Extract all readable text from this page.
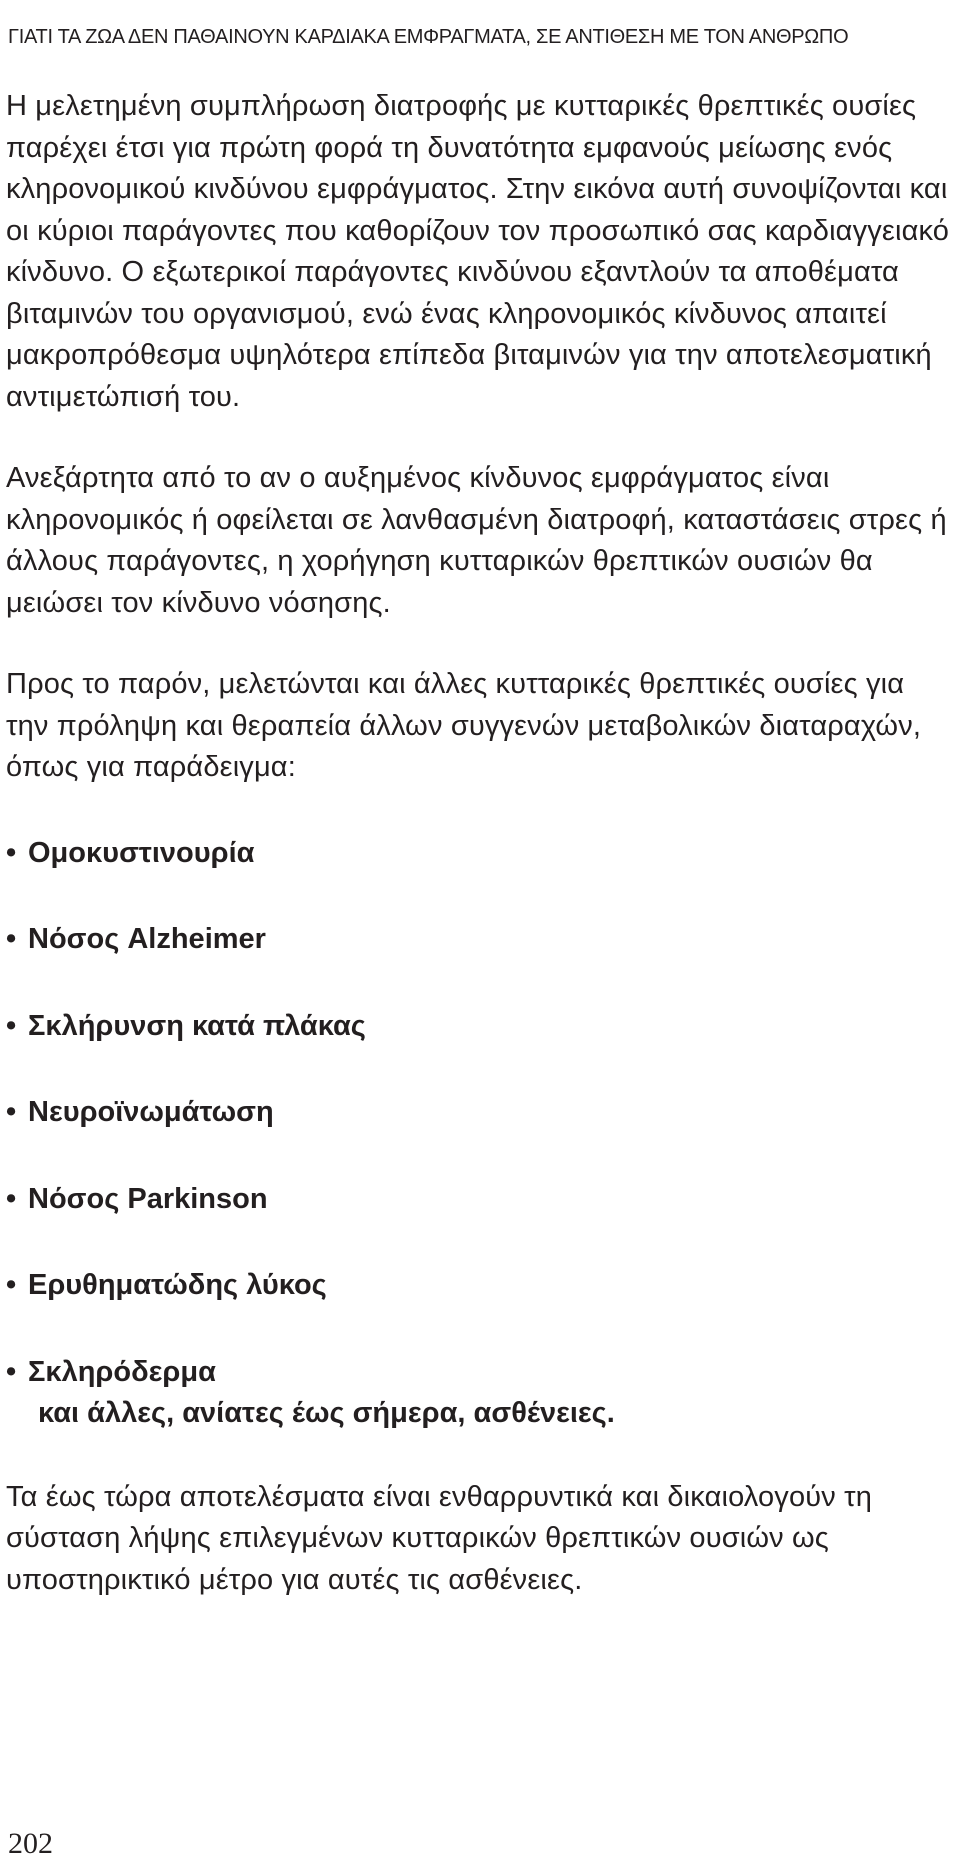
ΓΙΑΤΙ ΤΑ ΖΩΑ ΔΕΝ ΠΑΘΑΙΝΟΥΝ ΚΑΡΔΙΑΚΑ ΕΜΦΡΑΓΜΑΤΑ, ΣΕ ΑΝΤΙΘΕΣΗ ΜΕ ΤΟΝ ΑΝΘΡΩΠΟ

Η μελετημένη συμπλήρωση διατροφής με κυτταρικές θρεπτικές ουσίες παρέχει έτσι για πρώτη φορά τη δυνατότητα εμφανούς μείωσης ενός κληρονομικού κινδύνου εμφράγματος. Στην εικόνα αυτή συνοψίζονται και οι κύριοι παράγοντες που καθορίζουν τον προσωπικό σας καρδιαγγειακό κίνδυνο. Ο εξωτερικοί παράγοντες κινδύνου εξαντλούν τα αποθέματα βιταμινών του οργανισμού, ενώ ένας κληρονομικός κίνδυνος απαιτεί μακροπρόθεσμα υψηλότερα επίπεδα βιταμινών για την αποτελεσματική αντιμετώπισή του.

Ανεξάρτητα από το αν ο αυξημένος κίνδυνος εμφράγματος είναι κληρονομικός ή οφείλεται σε λανθασμένη διατροφή, καταστάσεις στρες ή άλλους παράγοντες, η χορήγηση κυτταρικών θρεπτικών ουσιών θα μειώσει τον κίνδυνο νόσησης.

Προς το παρόν, μελετώνται και άλλες κυτταρικές θρεπτικές ουσίες για την πρόληψη και θεραπεία άλλων συγγενών μεταβολικών διαταραχών, όπως για παράδειγμα:

• Ομοκυστινουρία
• Νόσος Alzheimer
• Σκλήρυνση κατά πλάκας
• Νευροϊνωμάτωση
• Νόσος Parkinson
• Ερυθηματώδης λύκος
• Σκληρόδερμα
και άλλες, ανίατες έως σήμερα, ασθένειες.

Τα έως τώρα αποτελέσματα είναι ενθαρρυντικά και δικαιολογούν τη σύσταση λήψης επιλεγμένων κυτταρικών θρεπτικών ουσιών ως υποστηρικτικό μέτρο για αυτές τις ασθένειες.

202
